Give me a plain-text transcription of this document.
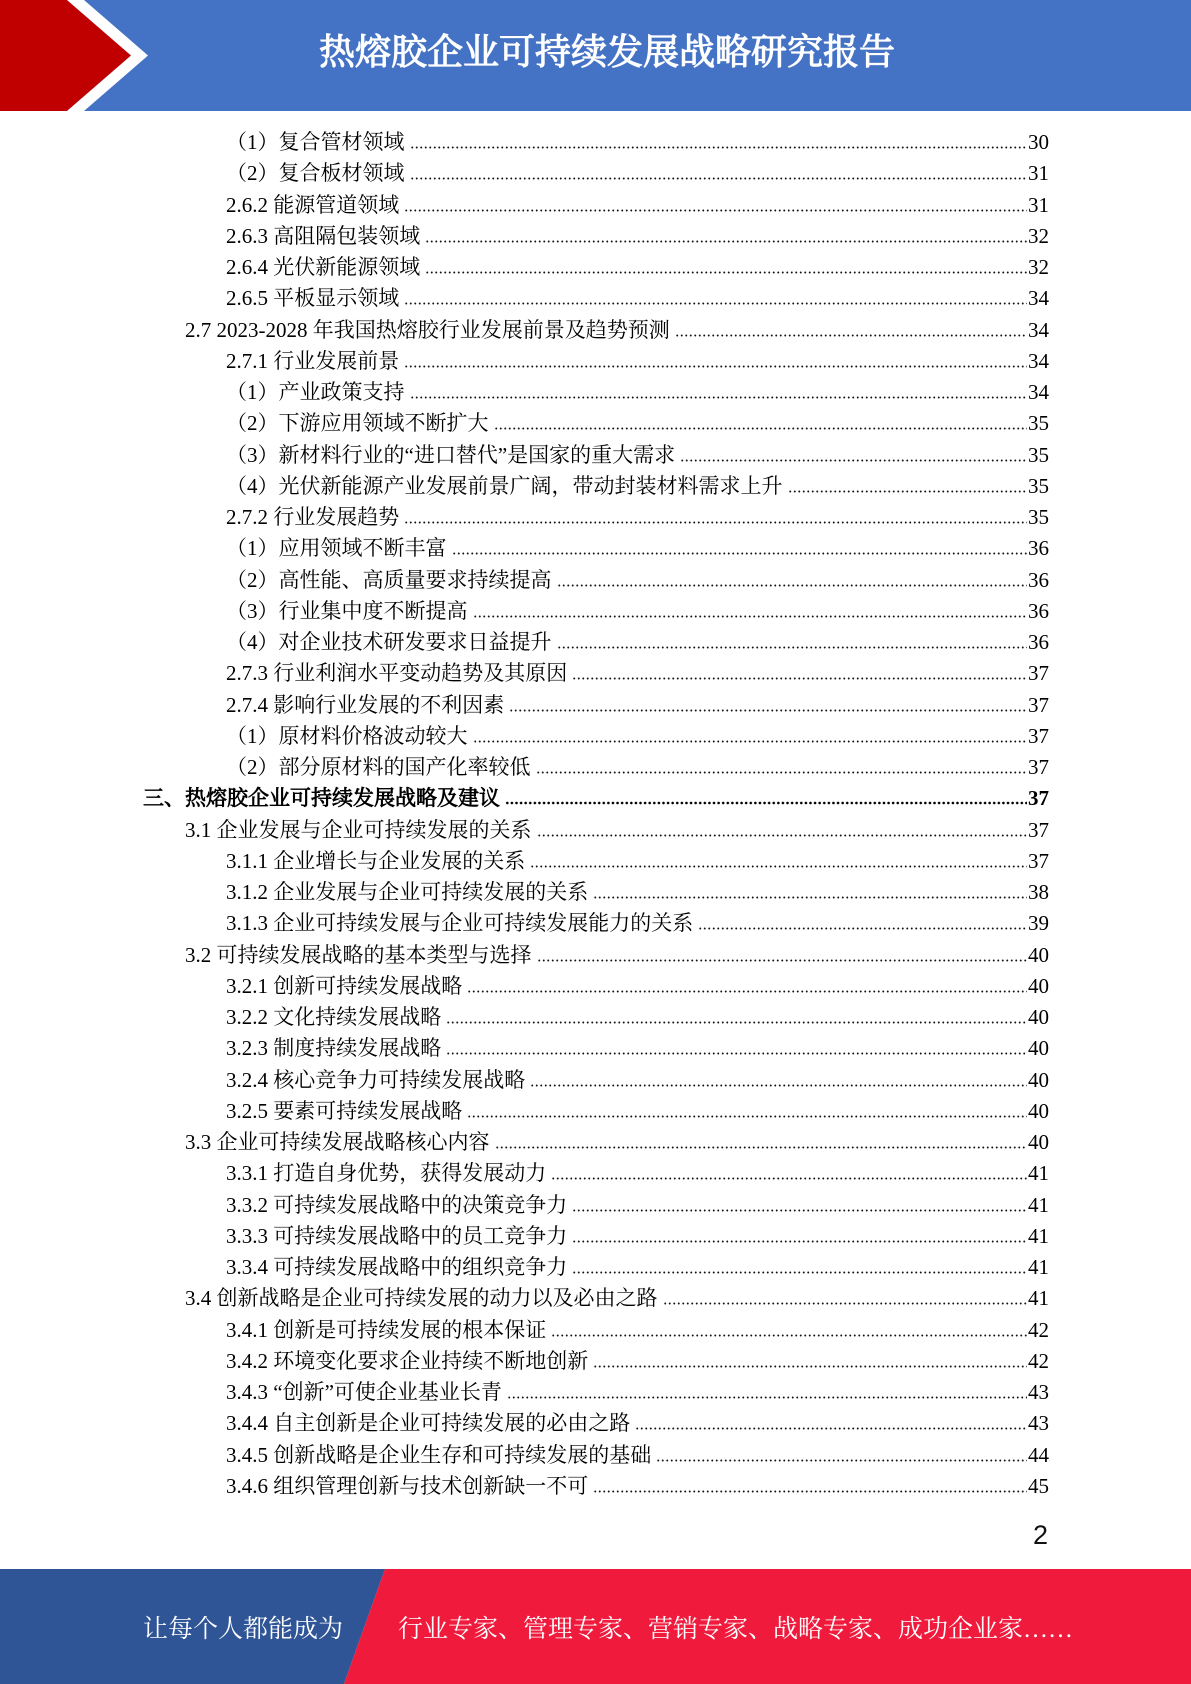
热熔胶企业可持续发展战略研究报告
（1）复合管材领域	30
（2）复合板材领域	31
2.6.2 能源管道领域	31
2.6.3 高阻隔包装领域	32
2.6.4 光伏新能源领域	32
2.6.5 平板显示领域	34
2.7 2023-2028 年我国热熔胶行业发展前景及趋势预测	34
2.7.1 行业发展前景	34
（1）产业政策支持	34
（2）下游应用领域不断扩大	35
（3）新材料行业的“进口替代”是国家的重大需求	35
（4）光伏新能源产业发展前景广阔，带动封装材料需求上升	35
2.7.2 行业发展趋势	35
（1）应用领域不断丰富	36
（2）高性能、高质量要求持续提高	36
（3）行业集中度不断提高	36
（4）对企业技术研发要求日益提升	36
2.7.3 行业利润水平变动趋势及其原因	37
2.7.4 影响行业发展的不利因素	37
（1）原材料价格波动较大	37
（2）部分原材料的国产化率较低	37
三、热熔胶企业可持续发展战略及建议	37
3.1 企业发展与企业可持续发展的关系	37
3.1.1 企业增长与企业发展的关系	37
3.1.2 企业发展与企业可持续发展的关系	38
3.1.3 企业可持续发展与企业可持续发展能力的关系	39
3.2 可持续发展战略的基本类型与选择	40
3.2.1 创新可持续发展战略	40
3.2.2 文化持续发展战略	40
3.2.3 制度持续发展战略	40
3.2.4 核心竞争力可持续发展战略	40
3.2.5 要素可持续发展战略	40
3.3 企业可持续发展战略核心内容	40
3.3.1 打造自身优势，获得发展动力	41
3.3.2 可持续发展战略中的决策竞争力	41
3.3.3 可持续发展战略中的员工竞争力	41
3.3.4 可持续发展战略中的组织竞争力	41
3.4 创新战略是企业可持续发展的动力以及必由之路	41
3.4.1 创新是可持续发展的根本保证	42
3.4.2 环境变化要求企业持续不断地创新	42
3.4.3 “创新”可使企业基业长青	43
3.4.4 自主创新是企业可持续发展的必由之路	43
3.4.5 创新战略是企业生存和可持续发展的基础	44
3.4.6 组织管理创新与技术创新缺一不可	45
2
让每个人都能成为 行业专家、管理专家、营销专家、战略专家、成功企业家……
